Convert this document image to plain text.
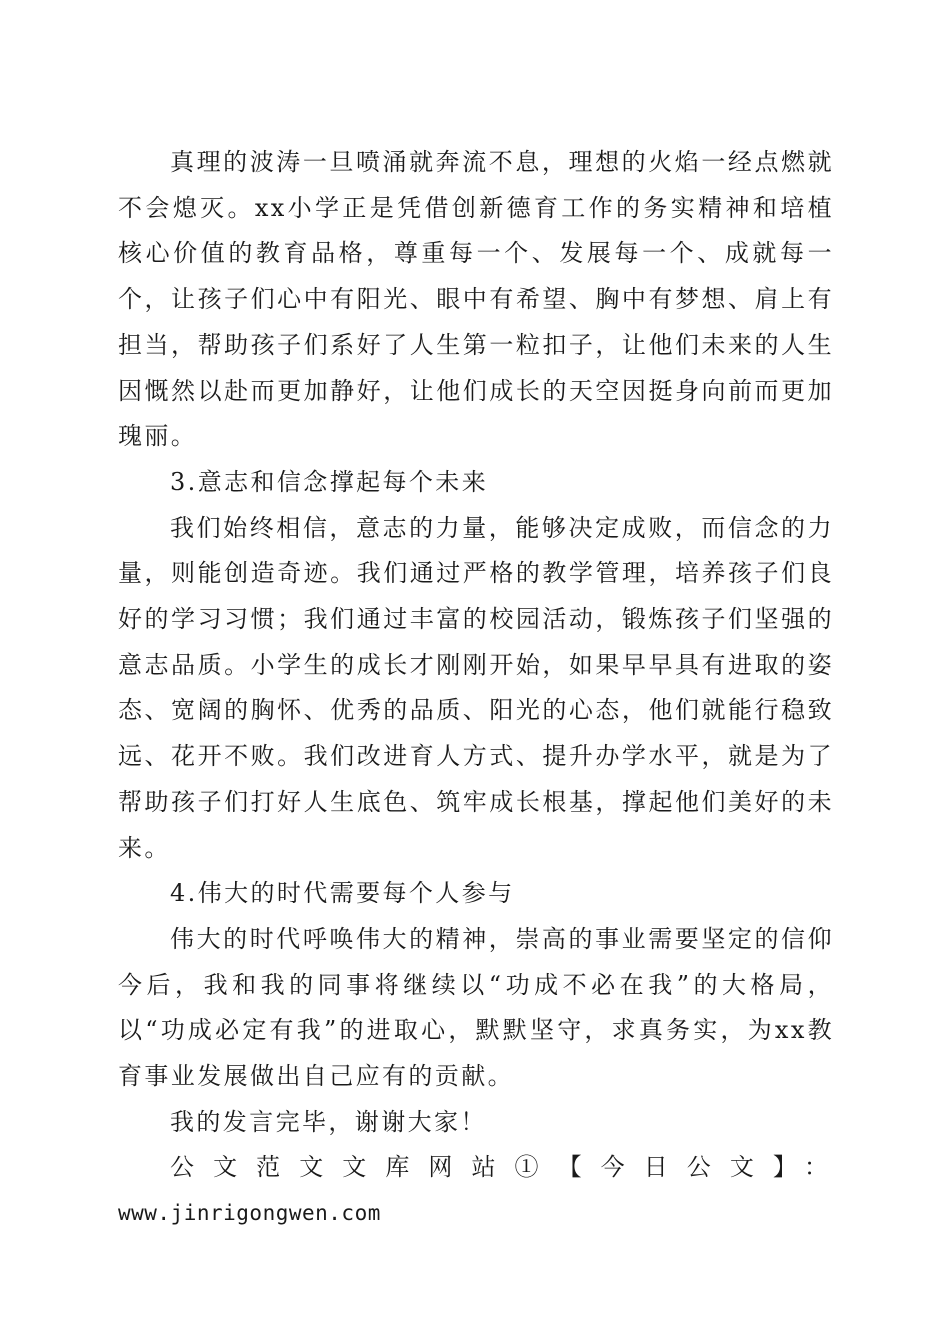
真理的波涛一旦喷涌就奔流不息，理想的火焰一经点燃就不会熄灭。xx小学正是凭借创新德育工作的务实精神和培植核心价值的教育品格，尊重每一个、发展每一个、成就每一个，让孩子们心中有阳光、眼中有希望、胸中有梦想、肩上有担当，帮助孩子们系好了人生第一粒扣子，让他们未来的人生因慨然以赴而更加静好，让他们成长的天空因挺身向前而更加瑰丽。

3.意志和信念撑起每个未来

我们始终相信，意志的力量，能够决定成败，而信念的力量，则能创造奇迹。我们通过严格的教学管理，培养孩子们良好的学习习惯；我们通过丰富的校园活动，锻炼孩子们坚强的意志品质。小学生的成长才刚刚开始，如果早早具有进取的姿态、宽阔的胸怀、优秀的品质、阳光的心态，他们就能行稳致远、花开不败。我们改进育人方式、提升办学水平，就是为了帮助孩子们打好人生底色、筑牢成长根基，撑起他们美好的未来。

4.伟大的时代需要每个人参与

伟大的时代呼唤伟大的精神，崇高的事业需要坚定的信仰今后，我和我的同事将继续以“功成不必在我”的大格局，以“功成必定有我”的进取心，默默坚守，求真务实，为xx教育事业发展做出自己应有的贡献。

我的发言完毕，谢谢大家！

公文范文文库网站①【今日公文】：

www.jinrigongwen.com
